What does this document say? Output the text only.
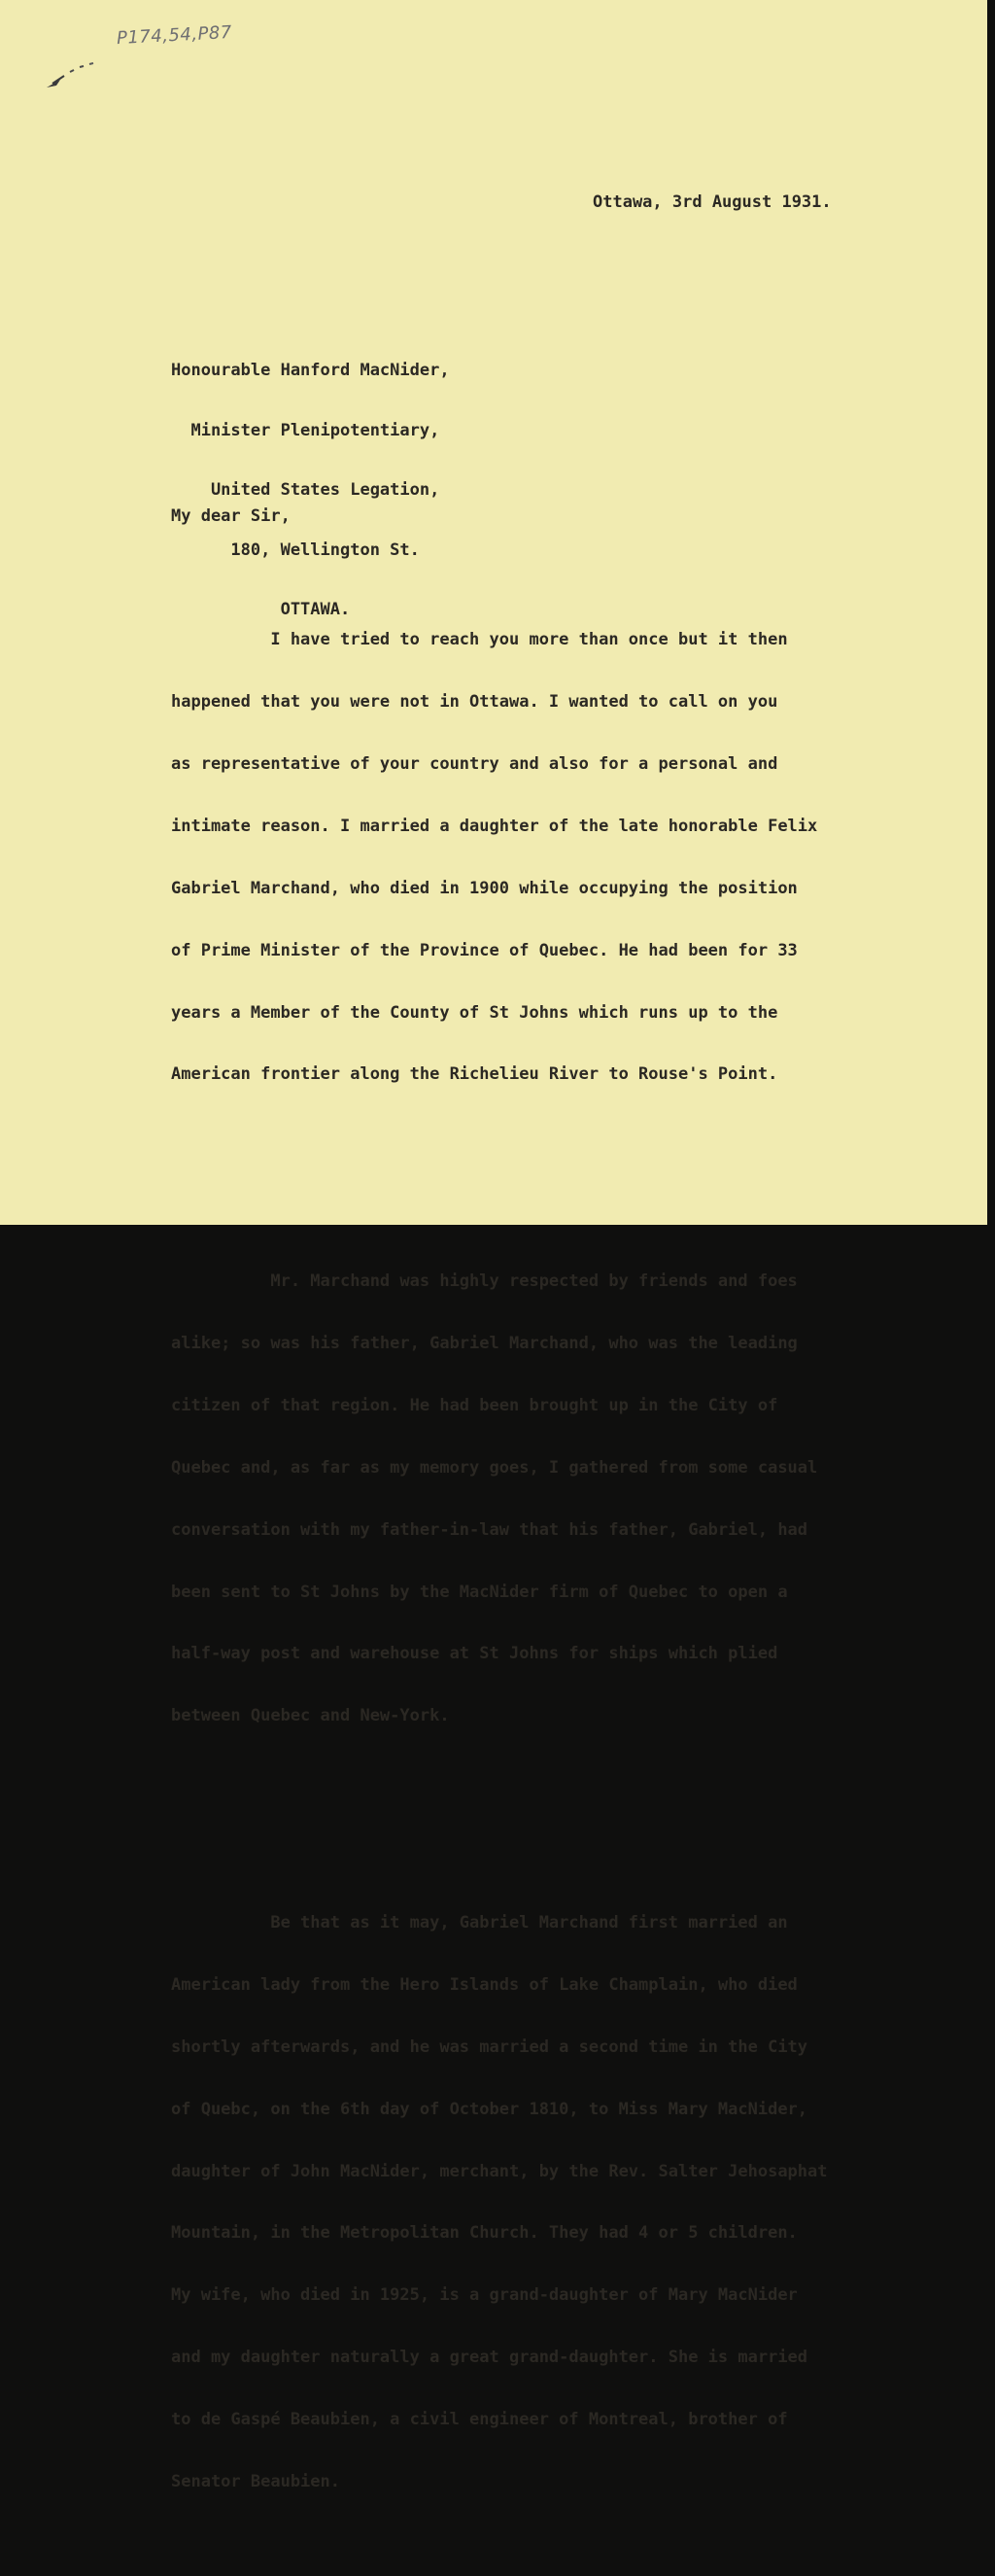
P174,54,P87
Ottawa, 3rd August 1931.

Honourable Hanford MacNider,

Minister Plenipotentiary,

United States Legation,

180, Wellington St.

OTTAWA.

My dear Sir,

I have tried to reach you more than once but it then

happened that you were not in Ottawa. I wanted to call on you

as representative of your country and also for a personal and

intimate reason. I married a daughter of the late honorable Felix

Gabriel Marchand, who died in 1900 while occupying the position

of Prime Minister of the Province of Quebec. He had been for 33

years a Member of the County of St Johns which runs up to the

American frontier along the Richelieu River to Rouse's Point.

Mr. Marchand was highly respected by friends and foes

alike; so was his father, Gabriel Marchand, who was the leading

citizen of that region. He had been brought up in the City of

Quebec and, as far as my memory goes, I gathered from some casual

conversation with my father-in-law that his father, Gabriel, had

been sent to St Johns by the MacNider firm of Quebec to open a

half-way post and warehouse at St Johns for ships which plied

between Quebec and New-York.

Be that as it may, Gabriel Marchand first married an

American lady from the Hero Islands of Lake Champlain, who died

shortly afterwards, and he was married a second time in the City

of Quebc, on the 6th day of October 1810, to Miss Mary MacNider,

daughter of John MacNider, merchant, by the Rev. Salter Jehosaphat

Mountain, in the Metropolitan Church. They had 4 or 5 children.

My wife, who died in 1925, is a grand-daughter of Mary MacNider

and my daughter naturally a great grand-daughter. She is married

to de Gaspé Beaubien, a civil engineer of Montreal, brother of

Senator Beaubien.
